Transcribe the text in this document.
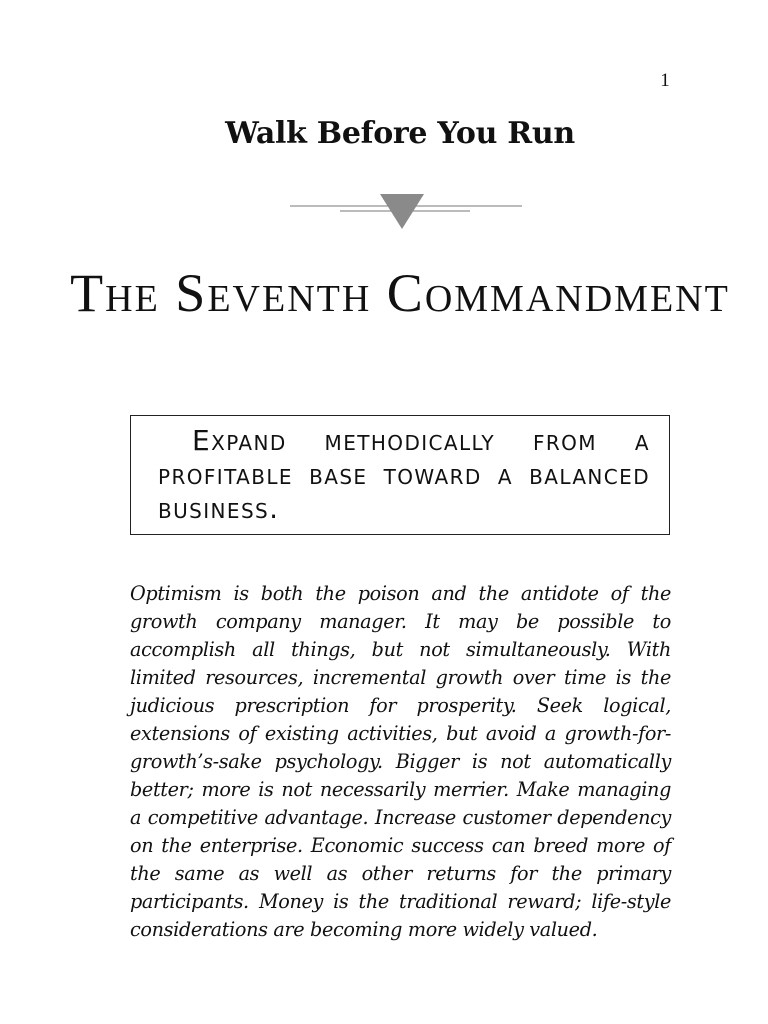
1
Walk Before You Run
The Seventh Commandment

Expand methodically from a profitable base toward a balanced business.

Optimism is both the poison and the antidote of the growth company manager. It may be possible to accomplish all things, but not simultaneously. With limited resources, incremental growth over time is the judicious prescription for prosperity. Seek logical, extensions of existing activities, but avoid a growth-for-growth’s-sake psychology. Bigger is not automatically better; more is not necessarily merrier. Make managing a competitive advantage. Increase customer dependency on the enterprise. Economic success can breed more of the same as well as other returns for the primary participants. Money is the traditional reward; life-style considerations are becoming more widely valued.
